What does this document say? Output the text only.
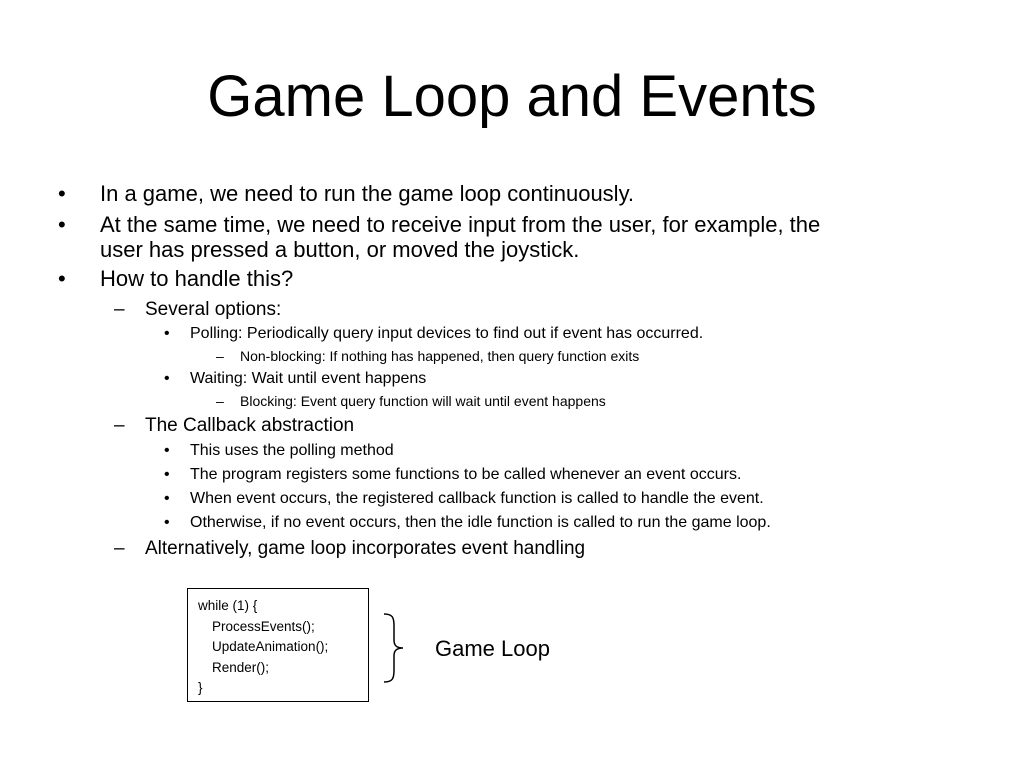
Game Loop and Events
• In a game, we need to run the game loop continuously.

• At the same time, we need to receive input from the user, for example, the

user has pressed a button, or moved the joystick.

• How to handle this?

– Several options:

• Polling: Periodically query input devices to find out if event has occurred.

– Non-blocking: If nothing has happened, then query function exits

• Waiting: Wait until event happens

– Blocking: Event query function will wait until event happens

– The Callback abstraction

• This uses the polling method

• The program registers some functions to be called whenever an event occurs.

• When event occurs, the registered callback function is called to handle the event.

• Otherwise, if no event occurs, then the idle function is called to run the game loop.

– Alternatively, game loop incorporates event handling

while (1) {
ProcessEvents();
UpdateAnimation();
Render();
}
Game Loop
